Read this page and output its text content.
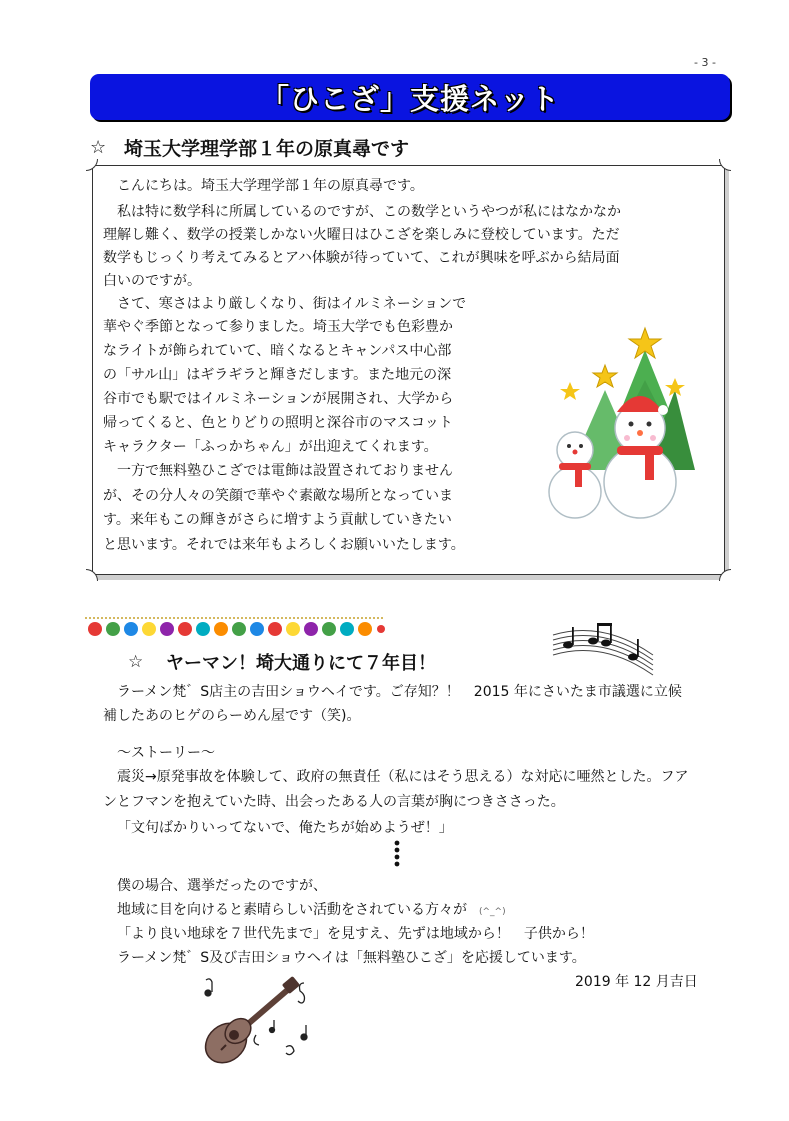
- 3 -
「ひこざ」支援ネット
☆ 埼玉大学理学部１年の原真尋です
こんにちは。埼玉大学理学部１年の原真尋です。
私は特に数学科に所属しているのですが、この数学というやつが私にはなかなか
理解し難く、数学の授業しかない火曜日はひこざを楽しみに登校しています。ただ
数学もじっくり考えてみるとアハ体験が待っていて、これが興味を呼ぶから結局面
白いのですが。
さて、寒さはより厳しくなり、街はイルミネーションで
華やぐ季節となって参りました。埼玉大学でも色彩豊か
なライトが飾られていて、暗くなるとキャンパス中心部
の「サル山」はギラギラと輝きだします。また地元の深
谷市でも駅ではイルミネーションが展開され、大学から
帰ってくると、色とりどりの照明と深谷市のマスコット
キャラクター「ふっかちゃん」が出迎えてくれます。
一方で無料塾ひこざでは電飾は設置されておりません
が、その分人々の笑顔で華やぐ素敵な場所となっていま
す。来年もこの輝きがさらに増すよう貢献していきたい
と思います。それでは来年もよろしくお願いいたします。
☆	ヤーマン！埼大通りにて７年目！
ラーメン梵゛S店主の吉田ショウヘイです。ご存知？！　2015 年にさいたま市議選に立候
補したあのヒゲのらーめん屋です（笑)。
～ストーリー～
震災→原発事故を体験して、政府の無責任（私にはそう思える）な対応に唖然とした。フア
ンとフマンを抱えていた時、出会ったある人の言葉が胸につきささった。
「文句ばかりいってないで、俺たちが始めようぜ！」
僕の場合、選挙だったのですが、
地域に目を向けると素晴らしい活動をされている方々が (^_^)
「より良い地球を７世代先まで」を見すえ、先ずは地域から！　子供から！
ラーメン梵゛S及び吉田ショウヘイは「無料塾ひこざ」を応援しています。
2019 年 12 月吉日
